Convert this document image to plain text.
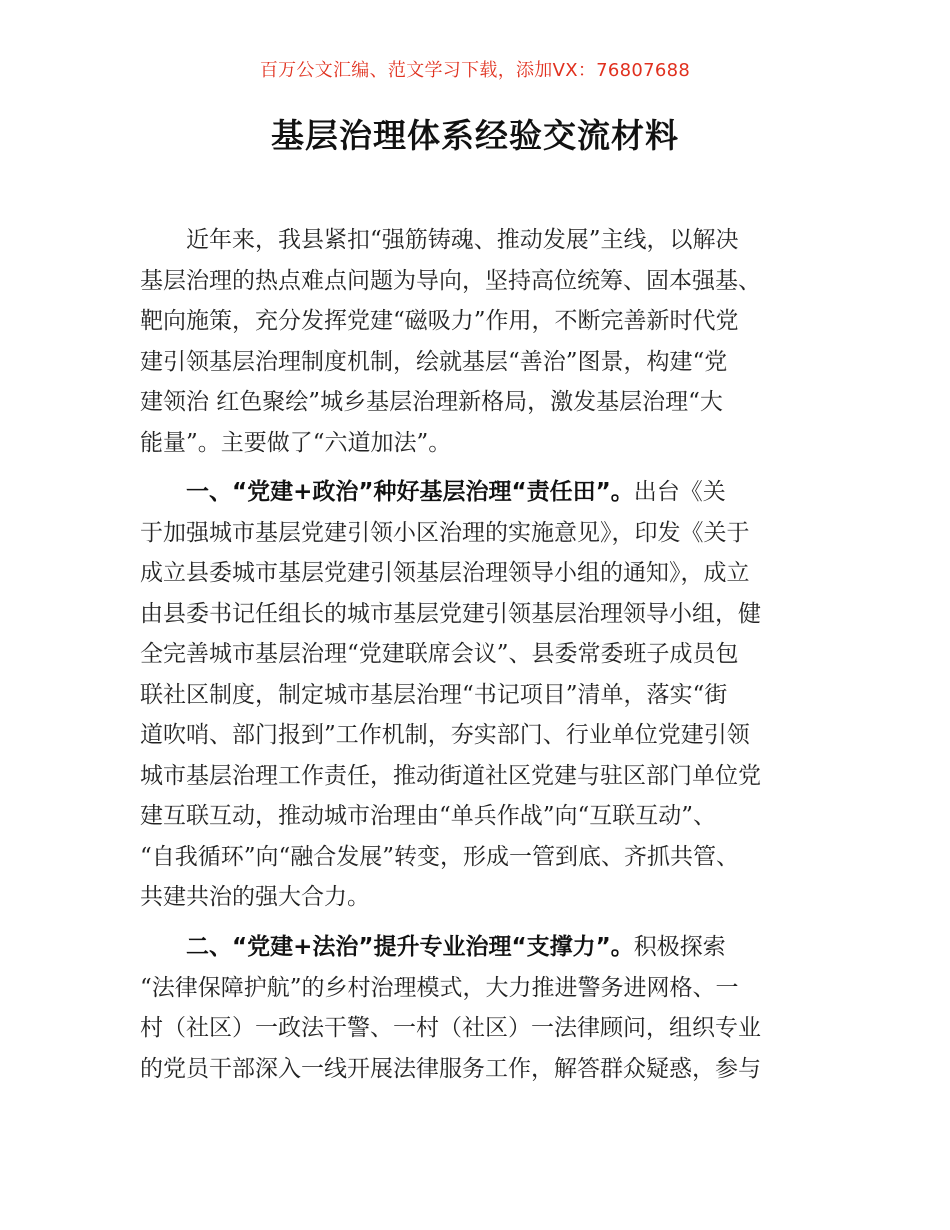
百万公文汇编、范文学习下载，添加VX：76807688
基层治理体系经验交流材料
近年来，我县紧扣“强筋铸魂、推动发展”主线，以解决
基层治理的热点难点问题为导向，坚持高位统筹、固本强基、
靶向施策，充分发挥党建“磁吸力”作用，不断完善新时代党
建引领基层治理制度机制，绘就基层“善治”图景，构建“党
建领治 红色聚绘”城乡基层治理新格局，激发基层治理“大
能量”。主要做了“六道加法”。
一、“党建+政治”种好基层治理“责任田”。出台《关
于加强城市基层党建引领小区治理的实施意见》，印发《关于
成立县委城市基层党建引领基层治理领导小组的通知》，成立
由县委书记任组长的城市基层党建引领基层治理领导小组，健
全完善城市基层治理“党建联席会议”、县委常委班子成员包
联社区制度，制定城市基层治理“书记项目”清单，落实“街
道吹哨、部门报到”工作机制，夯实部门、行业单位党建引领
城市基层治理工作责任，推动街道社区党建与驻区部门单位党
建互联互动，推动城市治理由“单兵作战”向“互联互动”、
“自我循环”向“融合发展”转变，形成一管到底、齐抓共管、
共建共治的强大合力。
二、“党建+法治”提升专业治理“支撑力”。积极探索
“法律保障护航”的乡村治理模式，大力推进警务进网格、一
村（社区）一政法干警、一村（社区）一法律顾问，组织专业
的党员干部深入一线开展法律服务工作，解答群众疑惑，参与
